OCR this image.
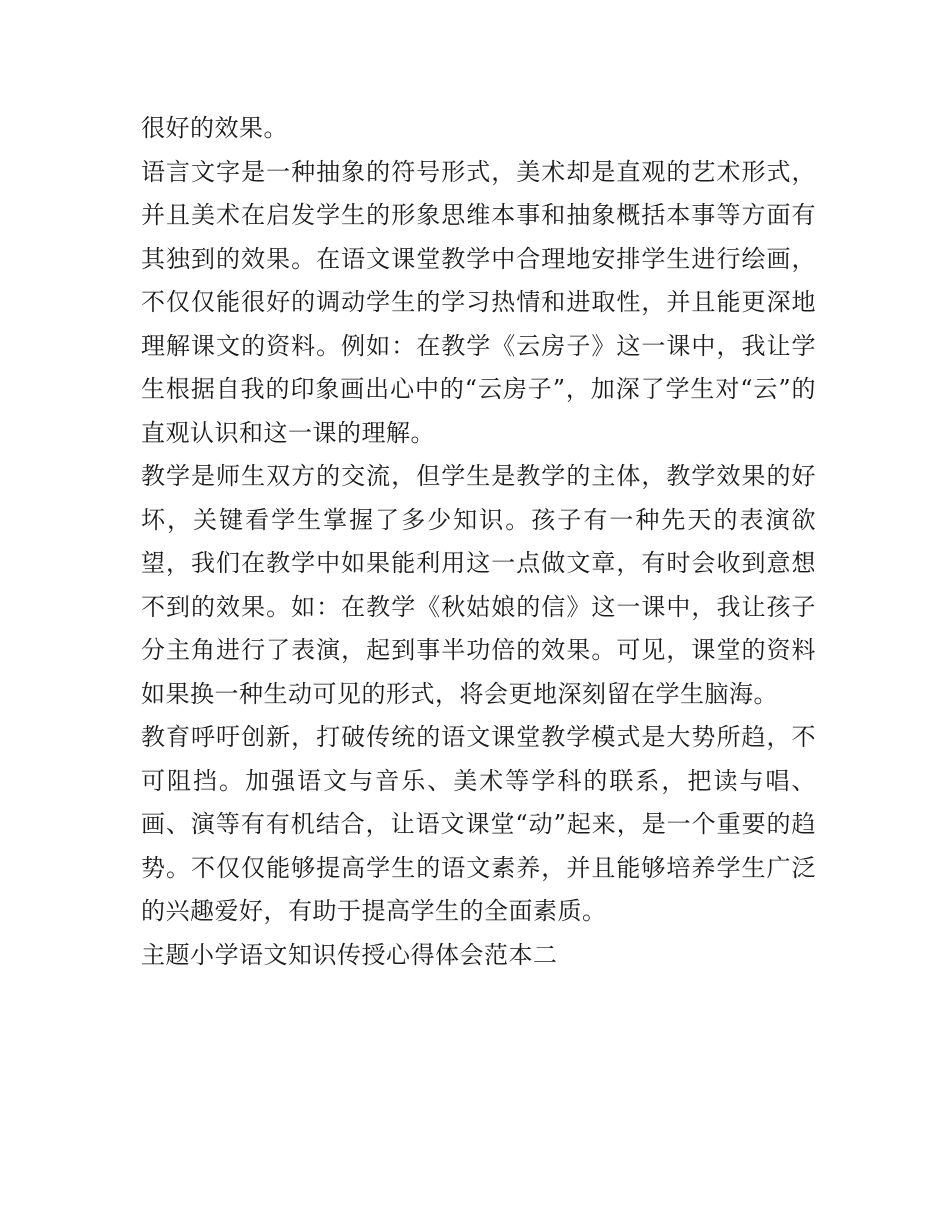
很好的效果。

语言文字是一种抽象的符号形式，美术却是直观的艺术形式，并且美术在启发学生的形象思维本事和抽象概括本事等方面有其独到的效果。在语文课堂教学中合理地安排学生进行绘画，不仅仅能很好的调动学生的学习热情和进取性，并且能更深地理解课文的资料。例如：在教学《云房子》这一课中，我让学生根据自我的印象画出心中的“云房子”，加深了学生对“云”的直观认识和这一课的理解。

教学是师生双方的交流，但学生是教学的主体，教学效果的好坏，关键看学生掌握了多少知识。孩子有一种先天的表演欲望，我们在教学中如果能利用这一点做文章，有时会收到意想不到的效果。如：在教学《秋姑娘的信》这一课中，我让孩子分主角进行了表演，起到事半功倍的效果。可见，课堂的资料如果换一种生动可见的形式，将会更地深刻留在学生脑海。

教育呼吁创新，打破传统的语文课堂教学模式是大势所趋，不可阻挡。加强语文与音乐、美术等学科的联系，把读与唱、画、演等有有机结合，让语文课堂“动”起来，是一个重要的趋势。不仅仅能够提高学生的语文素养，并且能够培养学生广泛的兴趣爱好，有助于提高学生的全面素质。

主题小学语文知识传授心得体会范本二
